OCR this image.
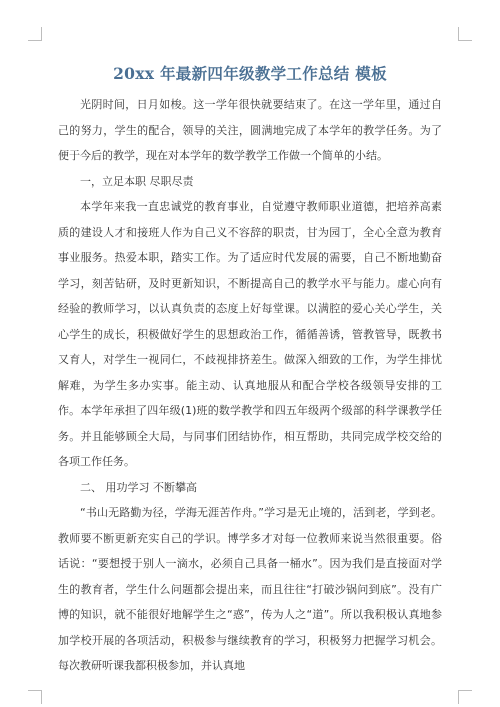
20xx 年最新四年级教学工作总结 模板

光阴时间，日月如梭。这一学年很快就要结束了。在这一学年里，通过自己的努力，学生的配合，领导的关注，圆满地完成了本学年的教学任务。为了便于今后的教学，现在对本学年的数学教学工作做一个简单的小结。

一，立足本职 尽职尽责

本学年来我一直忠诚党的教育事业，自觉遵守教师职业道德，把培养高素质的建设人才和接班人作为自己义不容辞的职责，甘为园丁，全心全意为教育事业服务。热爱本职，踏实工作。为了适应时代发展的需要，自己不断地勤奋学习，刻苦钻研，及时更新知识，不断提高自己的教学水平与能力。虚心向有经验的教师学习，以认真负责的态度上好每堂课。以满腔的爱心关心学生，关心学生的成长，积极做好学生的思想政治工作，循循善诱，管教管导，既教书又育人，对学生一视同仁，不歧视排挤差生。做深入细致的工作，为学生排忧解难，为学生多办实事。能主动、认真地服从和配合学校各级领导安排的工作。本学年承担了四年级(1)班的数学教学和四五年级两个级部的科学课教学任务。并且能够顾全大局，与同事们团结协作，相互帮助，共同完成学校交给的各项工作任务。

二、 用功学习 不断攀高

“书山无路勤为径，学海无涯苦作舟。”学习是无止境的，活到老，学到老。 教师要不断更新充实自己的学识。博学多才对每一位教师来说当然很重要。俗话说：“要想授于别人一滴水，必须自己具备一桶水”。因为我们是直接面对学生的教育者，学生什么问题都会提出来，而且往往“打破沙锅问到底”。没有广博的知识，就不能很好地解学生之“惑”，传为人之“道”。所以我积极认真地参加学校开展的各项活动，积极参与继续教育的学习，积极努力把握学习机会。每次教研听课我都积极参加，并认真地
